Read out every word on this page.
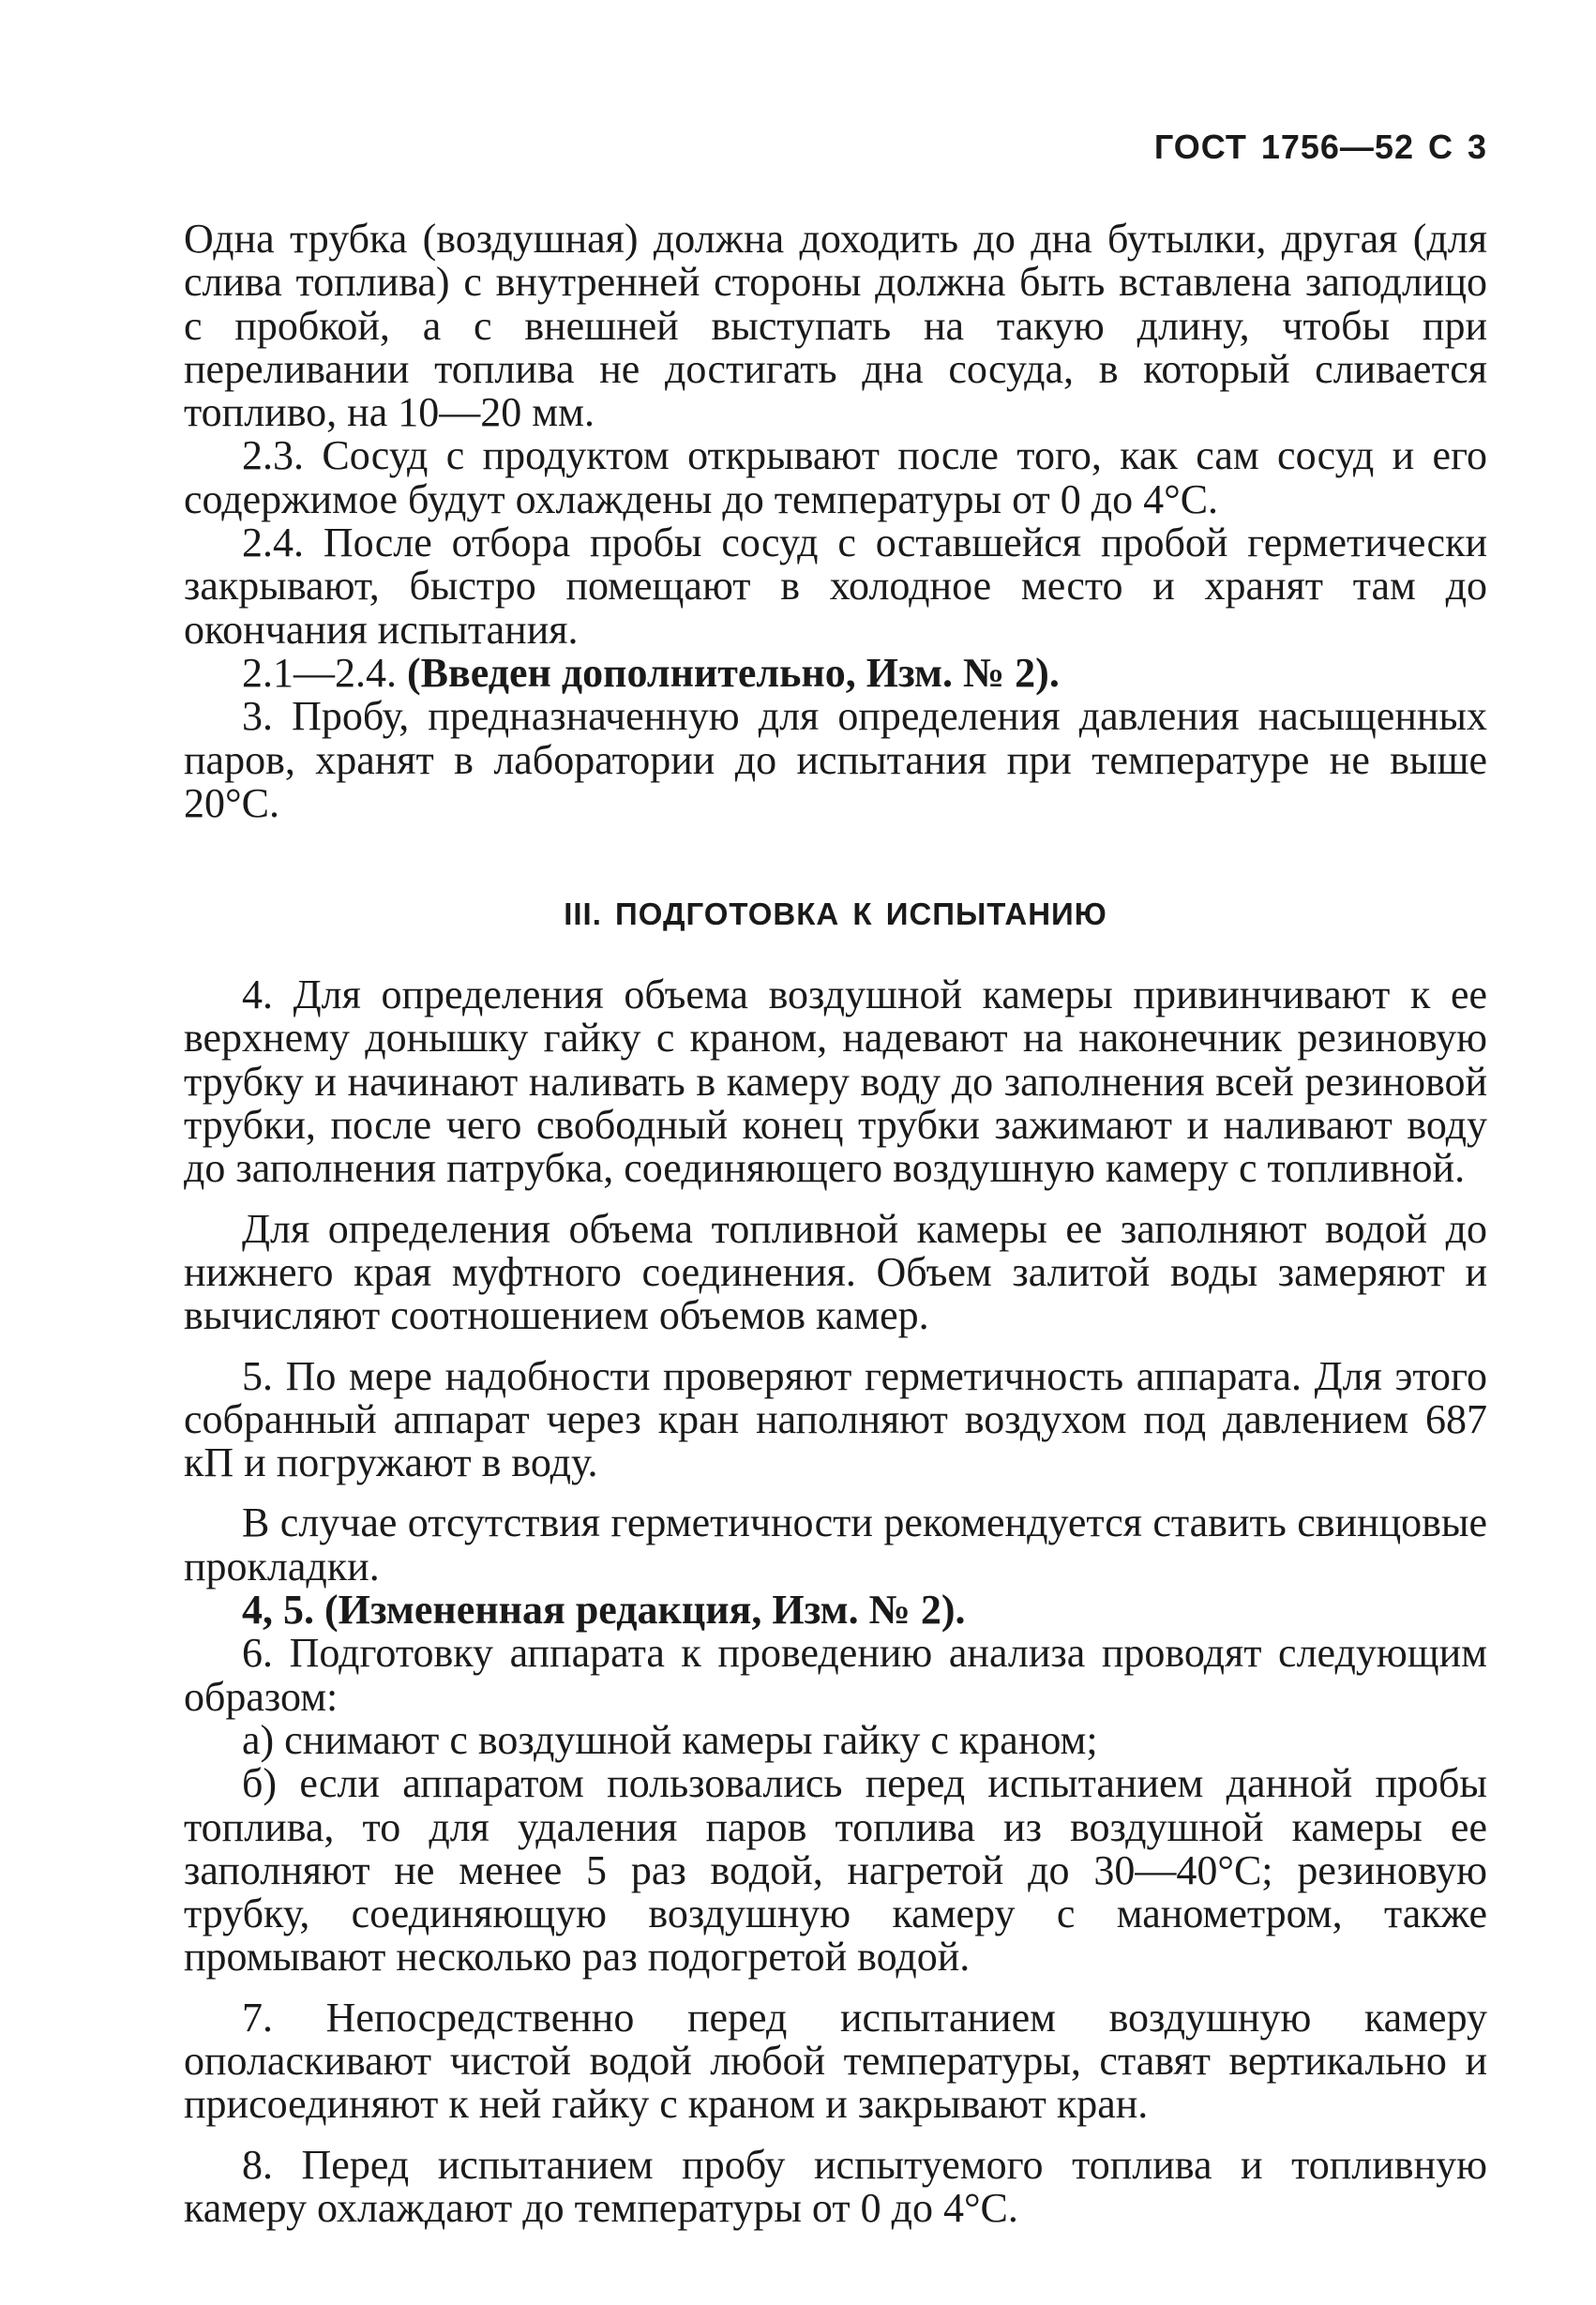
ГОСТ 1756—52 С 3

Одна трубка (воздушная) должна доходить до дна бутылки, другая (для слива топлива) с внутренней стороны должна быть вставлена заподлицо с пробкой, а с внешней выступать на такую длину, чтобы при переливании топлива не достигать дна сосуда, в который сливается топливо, на 10—20 мм.

2.3. Сосуд с продуктом открывают после того, как сам сосуд и его содержимое будут охлаждены до температуры от 0 до 4°С.

2.4. После отбора пробы сосуд с оставшейся пробой герметически закрывают, быстро помещают в холодное место и хранят там до окончания испытания.

2.1—2.4. (Введен дополнительно, Изм. № 2).

3. Пробу, предназначенную для определения давления насыщенных паров, хранят в лаборатории до испытания при температуре не выше 20°С.

III. ПОДГОТОВКА К ИСПЫТАНИЮ

4. Для определения объема воздушной камеры привинчивают к ее верхнему донышку гайку с краном, надевают на наконечник резиновую трубку и начинают наливать в камеру воду до заполнения всей резиновой трубки, после чего свободный конец трубки зажимают и наливают воду до заполнения патрубка, соединяющего воздушную камеру с топливной.

Для определения объема топливной камеры ее заполняют водой до нижнего края муфтного соединения. Объем залитой воды замеряют и вычисляют соотношением объемов камер.

5. По мере надобности проверяют герметичность аппарата. Для этого собранный аппарат через кран наполняют воздухом под давлением 687 кП и погружают в воду.

В случае отсутствия герметичности рекомендуется ставить свинцовые прокладки.

4, 5. (Измененная редакция, Изм. № 2).

6. Подготовку аппарата к проведению анализа проводят следующим образом:

а) снимают с воздушной камеры гайку с краном;

б) если аппаратом пользовались перед испытанием данной пробы топлива, то для удаления паров топлива из воздушной камеры ее заполняют не менее 5 раз водой, нагретой до 30—40°С; резиновую трубку, соединяющую воздушную камеру с манометром, также промывают несколько раз подогретой водой.

7. Непосредственно перед испытанием воздушную камеру ополаскивают чистой водой любой температуры, ставят вертикально и присоединяют к ней гайку с краном и закрывают кран.

8. Перед испытанием пробу испытуемого топлива и топливную камеру охлаждают до температуры от 0 до 4°С.
